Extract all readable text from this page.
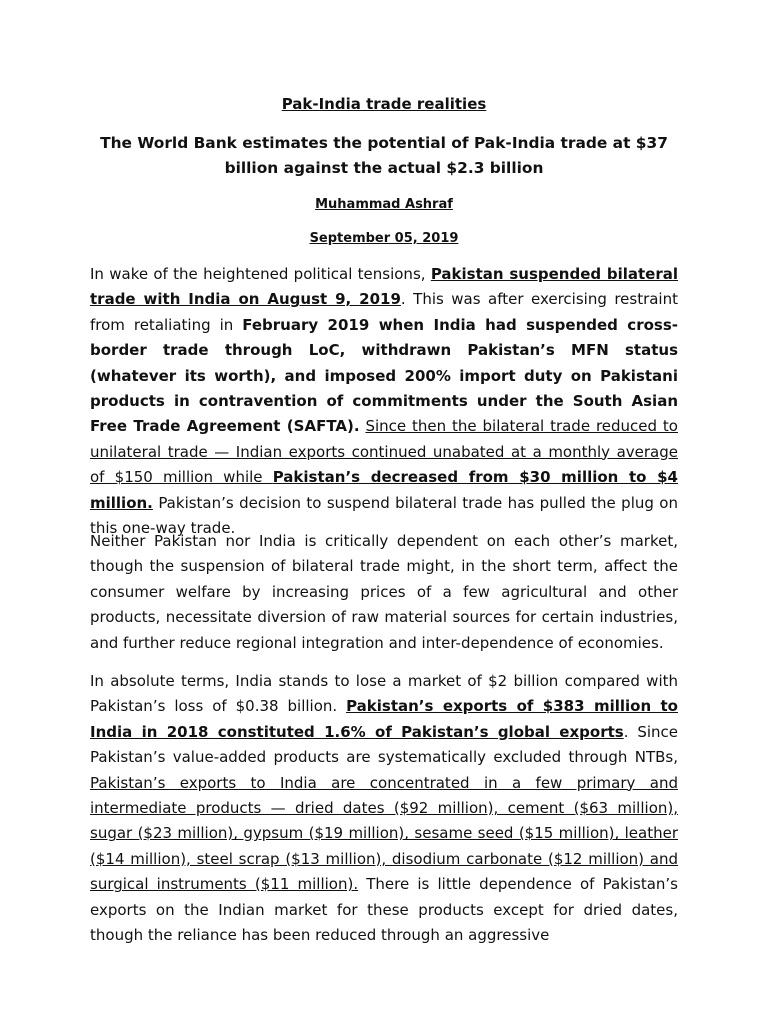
Pak-India trade realities

The World Bank estimates the potential of Pak-India trade at $37 billion against the actual $2.3 billion

Muhammad Ashraf

September 05, 2019

In wake of the heightened political tensions, Pakistan suspended bilateral trade with India on August 9, 2019. This was after exercising restraint from retaliating in February 2019 when India had suspended cross-border trade through LoC, withdrawn Pakistan’s MFN status (whatever its worth), and imposed 200% import duty on Pakistani products in contravention of commitments under the South Asian Free Trade Agreement (SAFTA). Since then the bilateral trade reduced to unilateral trade — Indian exports continued unabated at a monthly average of $150 million while Pakistan’s decreased from $30 million to $4 million. Pakistan’s decision to suspend bilateral trade has pulled the plug on this one-way trade.

Neither Pakistan nor India is critically dependent on each other’s market, though the suspension of bilateral trade might, in the short term, affect the consumer welfare by increasing prices of a few agricultural and other products, necessitate diversion of raw material sources for certain industries, and further reduce regional integration and inter-dependence of economies.

In absolute terms, India stands to lose a market of $2 billion compared with Pakistan’s loss of $0.38 billion. Pakistan’s exports of $383 million to India in 2018 constituted 1.6% of Pakistan’s global exports. Since Pakistan’s value-added products are systematically excluded through NTBs, Pakistan’s exports to India are concentrated in a few primary and intermediate products — dried dates ($92 million), cement ($63 million), sugar ($23 million), gypsum ($19 million), sesame seed ($15 million), leather ($14 million), steel scrap ($13 million), disodium carbonate ($12 million) and surgical instruments ($11 million). There is little dependence of Pakistan’s exports on the Indian market for these products except for dried dates, though the reliance has been reduced through an aggressive
